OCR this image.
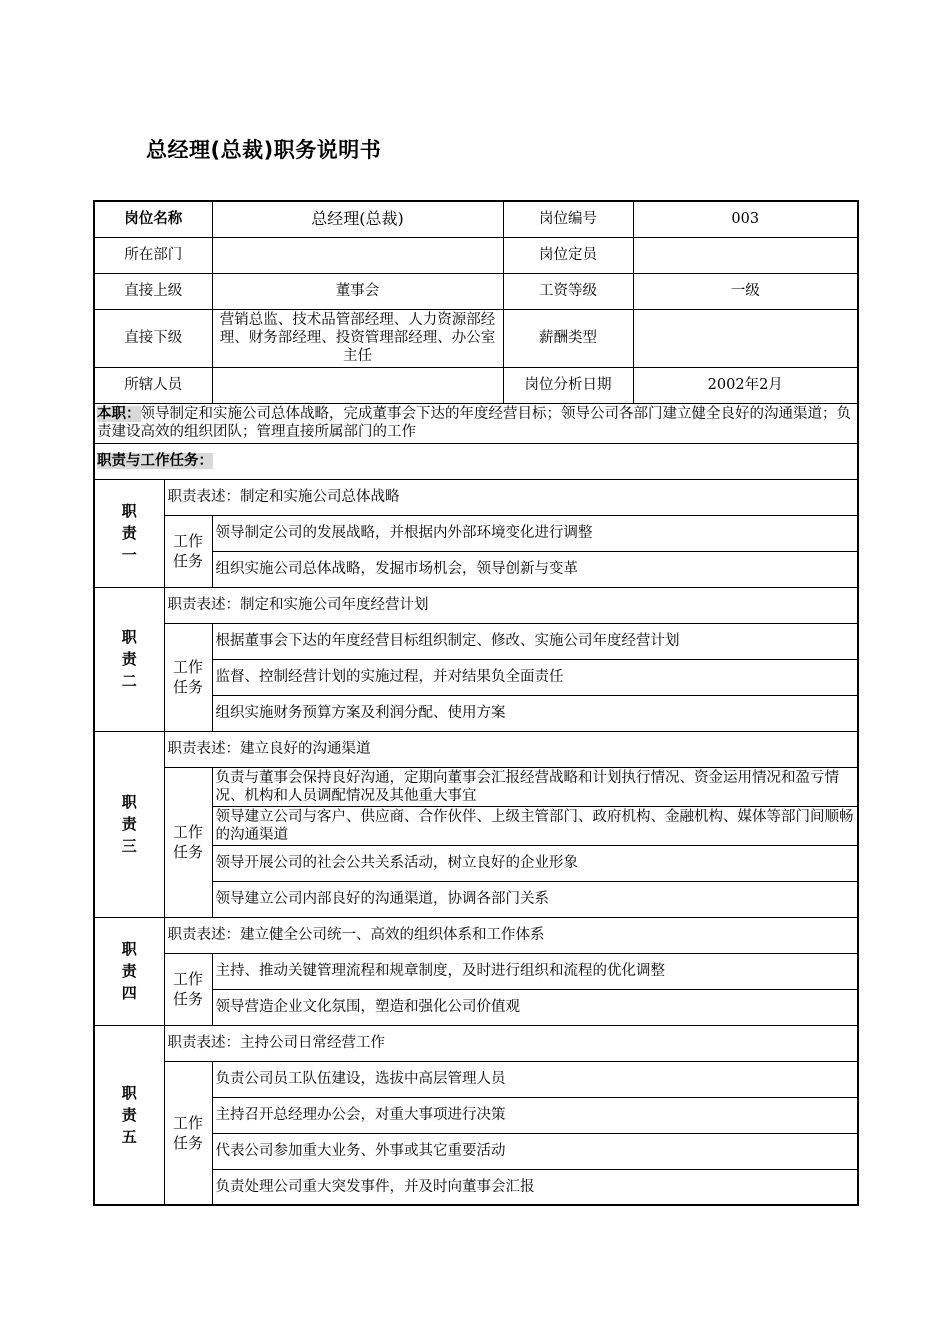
总经理(总裁)职务说明书
岗位名称		总经理(总裁)	岗位编号	003
所在部门			岗位定员	
直接上级		董事会	工资等级	一级
直接下级		营销总监、技术品管部经理、人力资源部经理、财务部经理、投资管理部经理、办公室主任	薪酬类型	
所辖人员			岗位分析日期	2002年2月
本职：领导制定和实施公司总体战略，完成董事会下达的年度经营目标；领导公司各部门建立健全良好的沟通渠道；负责建设高效的组织团队；管理直接所属部门的工作				
职责与工作任务：				
职责一	职责表述：制定和实施公司总体战略			
	工作任务	领导制定公司的发展战略，并根据内外部环境变化进行调整		
		组织实施公司总体战略，发掘市场机会，领导创新与变革		
职责二	职责表述：制定和实施公司年度经营计划			
	工作任务	根据董事会下达的年度经营目标组织制定、修改、实施公司年度经营计划		
		监督、控制经营计划的实施过程，并对结果负全面责任		
		组织实施财务预算方案及利润分配、使用方案		
职责三	职责表述：建立良好的沟通渠道			
	工作任务	负责与董事会保持良好沟通，定期向董事会汇报经营战略和计划执行情况、资金运用情况和盈亏情况、机构和人员调配情况及其他重大事宜		
		领导建立公司与客户、供应商、合作伙伴、上级主管部门、政府机构、金融机构、媒体等部门间顺畅的沟通渠道		
		领导开展公司的社会公共关系活动，树立良好的企业形象		
		领导建立公司内部良好的沟通渠道，协调各部门关系		
职责四	职责表述：建立健全公司统一、高效的组织体系和工作体系			
	工作任务	主持、推动关键管理流程和规章制度，及时进行组织和流程的优化调整		
		领导营造企业文化氛围，塑造和强化公司价值观		
职责五	职责表述：主持公司日常经营工作			
	工作任务	负责公司员工队伍建设，选拔中高层管理人员		
		主持召开总经理办公会，对重大事项进行决策		
		代表公司参加重大业务、外事或其它重要活动		
		负责处理公司重大突发事件，并及时向董事会汇报		
